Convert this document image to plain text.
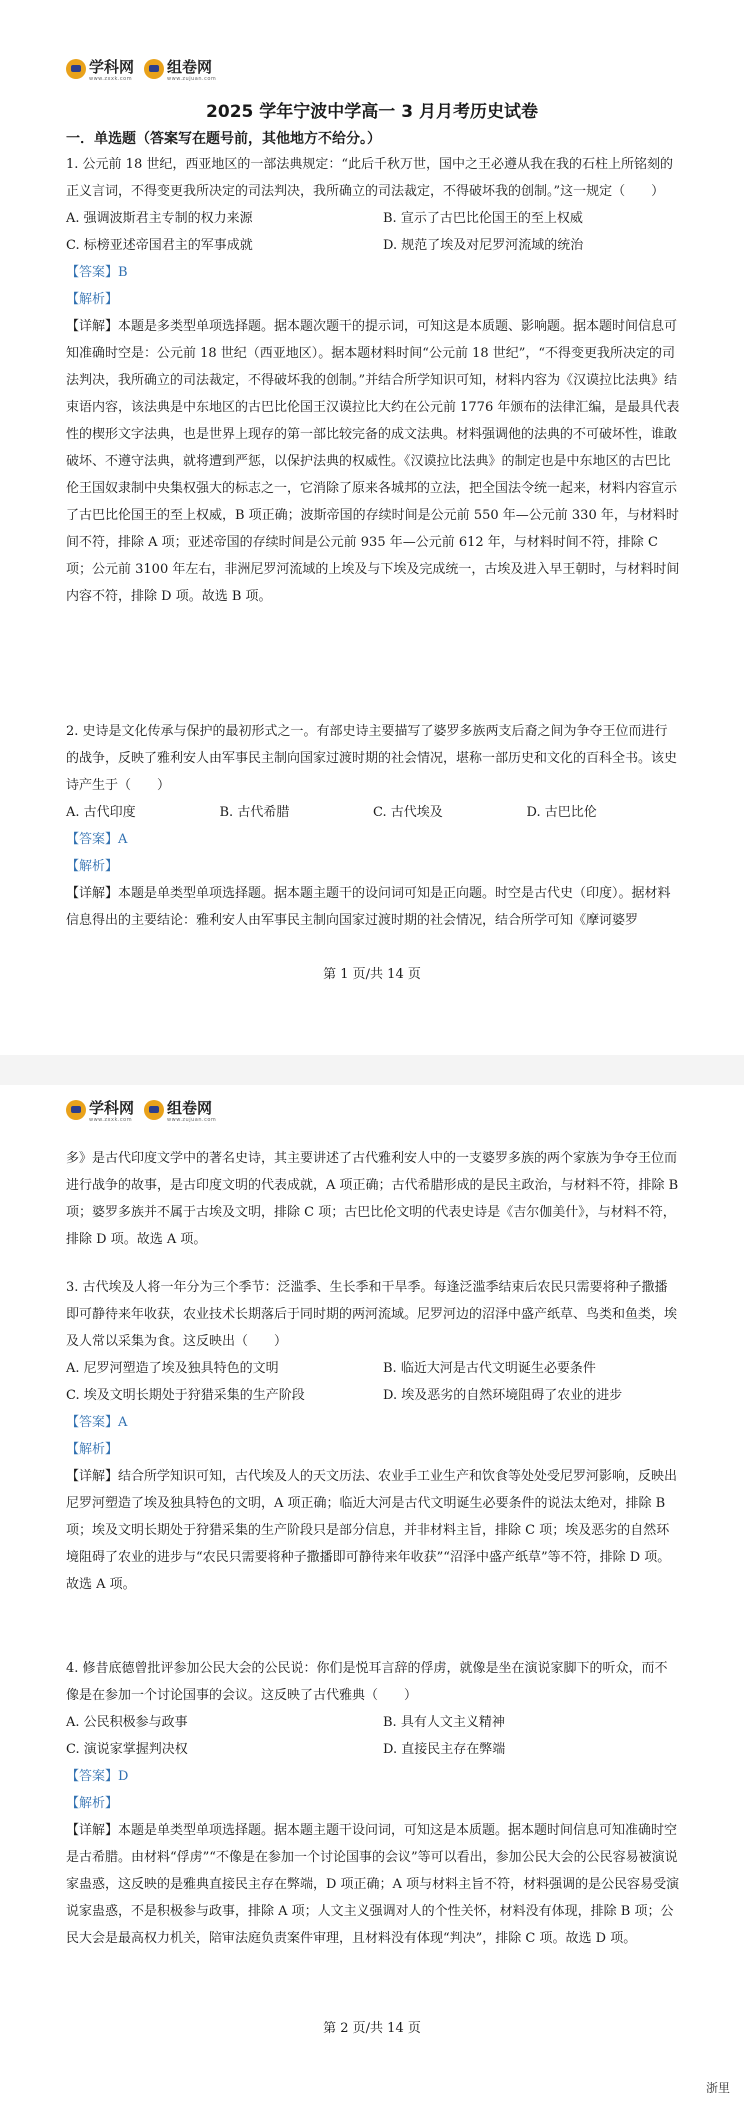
学科网
www.zxxk.com
组卷网
www.zujuan.com
2025 学年宁波中学高一 3 月月考历史试卷
一．单选题（答案写在题号前，其他地方不给分。）

1. 公元前 18 世纪，西亚地区的一部法典规定：“此后千秋万世，国中之王必遵从我在我的石柱上所铭刻的正义言词，不得变更我所决定的司法判决，我所确立的司法裁定，不得破坏我的创制。”这一规定（　　）

A. 强调波斯君主专制的权力来源	B. 宣示了古巴比伦国王的至上权威
C. 标榜亚述帝国君主的军事成就	D. 规范了埃及对尼罗河流域的统治

【答案】B

【解析】

【详解】本题是多类型单项选择题。据本题次题干的提示词，可知这是本质题、影响题。据本题时间信息可知准确时空是：公元前 18 世纪（西亚地区）。据本题材料时间“公元前 18 世纪”，“不得变更我所决定的司法判决，我所确立的司法裁定，不得破坏我的创制。”并结合所学知识可知，材料内容为《汉谟拉比法典》结束语内容，该法典是中东地区的古巴比伦国王汉谟拉比大约在公元前 1776 年颁布的法律汇编，是最具代表性的楔形文字法典，也是世界上现存的第一部比较完备的成文法典。材料强调他的法典的不可破坏性，谁敢破坏、不遵守法典，就将遭到严惩，以保护法典的权威性。《汉谟拉比法典》的制定也是中东地区的古巴比伦王国奴隶制中央集权强大的标志之一，它消除了原来各城邦的立法，把全国法令统一起来，材料内容宣示了古巴比伦国王的至上权威，B 项正确；波斯帝国的存续时间是公元前 550 年—公元前 330 年，与材料时间不符，排除 A 项；亚述帝国的存续时间是公元前 935 年—公元前 612 年，与材料时间不符，排除 C 项；公元前 3100 年左右，非洲尼罗河流域的上埃及与下埃及完成统一，古埃及进入早王朝时，与材料时间内容不符，排除 D 项。故选 B 项。

2. 史诗是文化传承与保护的最初形式之一。有部史诗主要描写了婆罗多族两支后裔之间为争夺王位而进行的战争，反映了雅利安人由军事民主制向国家过渡时期的社会情况，堪称一部历史和文化的百科全书。该史诗产生于（　　）

A. 古代印度	B. 古代希腊	C. 古代埃及	D. 古巴比伦

【答案】A

【解析】

【详解】本题是单类型单项选择题。据本题主题干的设问词可知是正向题。时空是古代史（印度）。据材料信息得出的主要结论：雅利安人由军事民主制向国家过渡时期的社会情况，结合所学可知《摩诃婆罗

第 1 页/共 14 页
学科网
www.zxxk.com
组卷网
www.zujuan.com

多》是古代印度文学中的著名史诗，其主要讲述了古代雅利安人中的一支婆罗多族的两个家族为争夺王位而进行战争的故事，是古印度文明的代表成就，A 项正确；古代希腊形成的是民主政治，与材料不符，排除 B 项；婆罗多族并不属于古埃及文明，排除 C 项；古巴比伦文明的代表史诗是《吉尔伽美什》，与材料不符，排除 D 项。故选 A 项。

3. 古代埃及人将一年分为三个季节：泛滥季、生长季和干旱季。每逢泛滥季结束后农民只需要将种子撒播即可静待来年收获，农业技术长期落后于同时期的两河流域。尼罗河边的沼泽中盛产纸草、鸟类和鱼类，埃及人常以采集为食。这反映出（　　）

A. 尼罗河塑造了埃及独具特色的文明	B. 临近大河是古代文明诞生必要条件
C. 埃及文明长期处于狩猎采集的生产阶段	D. 埃及恶劣的自然环境阻碍了农业的进步

【答案】A

【解析】

【详解】结合所学知识可知，古代埃及人的天文历法、农业手工业生产和饮食等处处受尼罗河影响，反映出尼罗河塑造了埃及独具特色的文明，A 项正确；临近大河是古代文明诞生必要条件的说法太绝对，排除 B 项；埃及文明长期处于狩猎采集的生产阶段只是部分信息，并非材料主旨，排除 C 项；埃及恶劣的自然环境阻碍了农业的进步与“农民只需要将种子撒播即可静待来年收获”“沼泽中盛产纸草”等不符，排除 D 项。故选 A 项。

4. 修昔底德曾批评参加公民大会的公民说：你们是悦耳言辞的俘虏，就像是坐在演说家脚下的听众，而不像是在参加一个讨论国事的会议。这反映了古代雅典（　　）

A. 公民积极参与政事	B. 具有人文主义精神
C. 演说家掌握判决权	D. 直接民主存在弊端

【答案】D

【解析】

【详解】本题是单类型单项选择题。据本题主题干设问词，可知这是本质题。据本题时间信息可知准确时空是古希腊。由材料“俘虏”“不像是在参加一个讨论国事的会议”等可以看出，参加公民大会的公民容易被演说家蛊惑，这反映的是雅典直接民主存在弊端，D 项正确；A 项与材料主旨不符，材料强调的是公民容易受演说家蛊惑，不是积极参与政事，排除 A 项；人文主义强调对人的个性关怀，材料没有体现，排除 B 项；公民大会是最高权力机关，陪审法庭负责案件审理，且材料没有体现“判决”，排除 C 项。故选 D 项。

第 2 页/共 14 页
浙里
